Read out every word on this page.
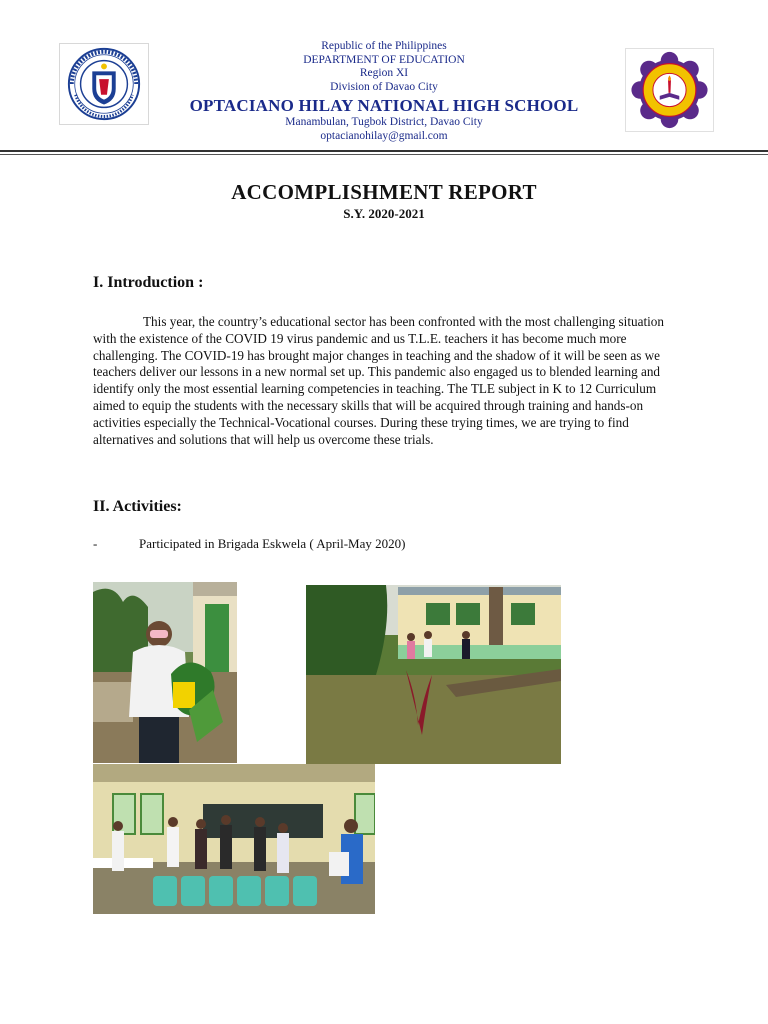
Republic of the Philippines
DEPARTMENT OF EDUCATION
Region XI
Division of Davao City
OPTACIANO HILAY NATIONAL HIGH SCHOOL
Manambulan, Tugbok District, Davao City
optacianohilay@gmail.com
ACCOMPLISHMENT REPORT
S.Y. 2020-2021
I. Introduction :

This year, the country’s educational sector has been confronted with the most challenging situation with the existence of the COVID 19 virus pandemic and us T.L.E. teachers it has become much more challenging. The COVID-19 has brought major changes in teaching and the shadow of it will be seen as we teachers deliver our lessons in a new normal set up. This pandemic also engaged us to blended learning and identify only the most essential learning competencies in teaching. The TLE subject in K to 12 Curriculum aimed to equip the students with the necessary skills that will be acquired through training and hands-on activities especially the Technical-Vocational courses. During these trying times, we are trying to find alternatives and solutions that will help us overcome these trials.

II. Activities:
-	Participated in Brigada Eskwela ( April-May 2020)
